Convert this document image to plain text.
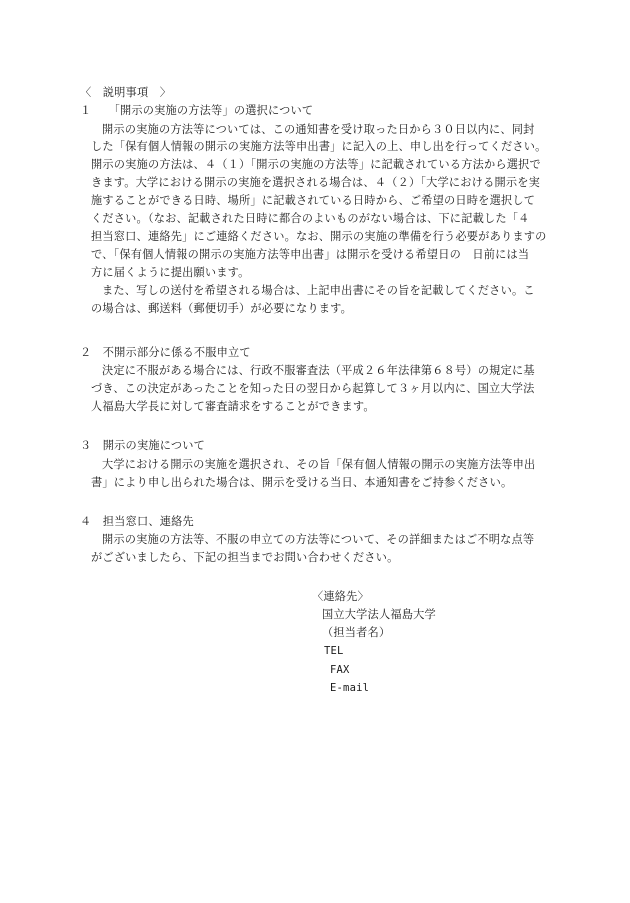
〈　説明事項　〉
１　　「開示の実施の方法等」の選択について
開示の実施の方法等については、この通知書を受け取った日から３０日以内に、同封
した「保有個人情報の開示の実施方法等申出書」に記入の上、申し出を行ってください。
開示の実施の方法は、４（１）「開示の実施の方法等」に記載されている方法から選択で
きます。大学における開示の実施を選択される場合は、４（２）「大学における開示を実
施することができる日時、場所」に記載されている日時から、ご希望の日時を選択して
ください。（なお、記載された日時に都合のよいものがない場合は、下に記載した「４
担当窓口、連絡先」にご連絡ください。なお、開示の実施の準備を行う必要がありますの
で、「保有個人情報の開示の実施方法等申出書」は開示を受ける希望日の　日前には当
方に届くように提出願います。
また、写しの送付を希望される場合は、上記申出書にその旨を記載してください。こ
の場合は、郵送料（郵便切手）が必要になります。
２　不開示部分に係る不服申立て
決定に不服がある場合には、行政不服審査法（平成２６年法律第６８号）の規定に基
づき、この決定があったことを知った日の翌日から起算して３ヶ月以内に、国立大学法
人福島大学長に対して審査請求をすることができます。
３　開示の実施について
大学における開示の実施を選択され、その旨「保有個人情報の開示の実施方法等申出
書」により申し出られた場合は、開示を受ける当日、本通知書をご持参ください。
４　担当窓口、連絡先
開示の実施の方法等、不服の申立ての方法等について、その詳細またはご不明な点等
がございましたら、下記の担当までお問い合わせください。
〈連絡先〉
国立大学法人福島大学
（担当者名）
TEL
FAX
E-mail
